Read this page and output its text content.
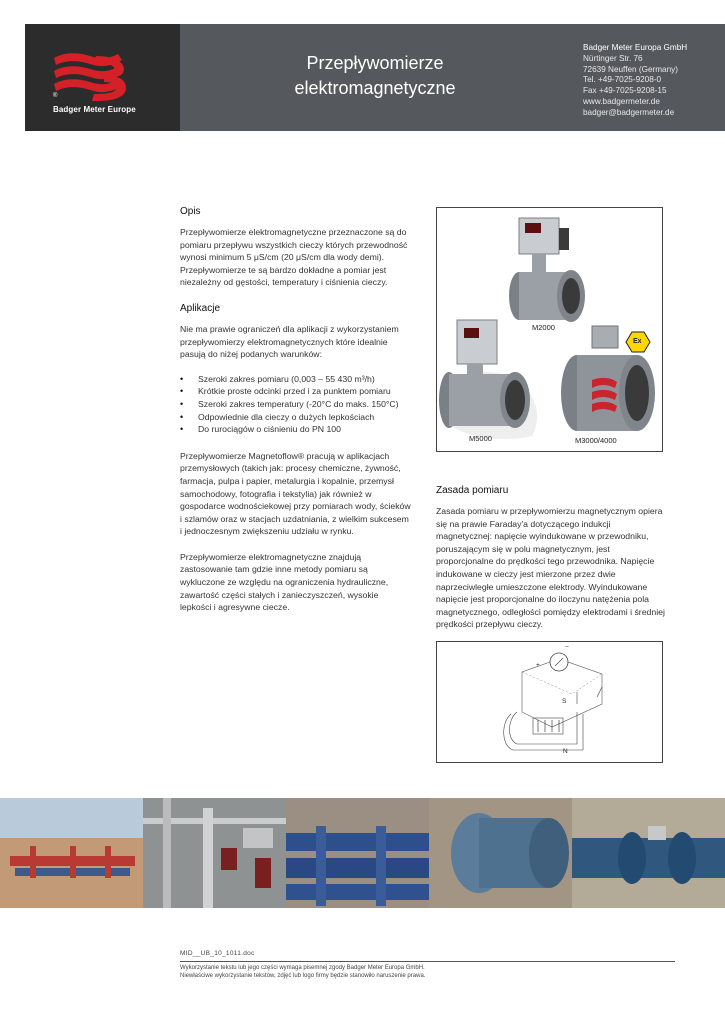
®
Badger Meter Europe
Przepływomierze
elektromagnetyczne
Badger Meter Europa GmbH
Nürtinger Str. 76
72639 Neuffen (Germany)
Tel. +49-7025-9208-0
Fax +49-7025-9208-15
www.badgermeter.de
badger@badgermeter.de
Opis

Przepływomierze elektromagnetyczne przeznaczone są do pomiaru przepływu wszystkich cieczy których przewodność wynosi minimum 5 μS/cm (20 μS/cm dla wody demi). Przepływomierze te są bardzo dokładne a pomiar jest niezależny od gęstości, temperatury i ciśnienia cieczy.

Aplikacje

Nie ma prawie ograniczeń dla aplikacji z wykorzystaniem przepływomierzy elektromagnetycznych które idealnie pasują do niżej podanych warunków:

• Szeroki zakres pomiaru (0,003 – 55 430 m³/h)
• Krótkie proste odcinki przed i za punktem pomiaru
• Szeroki zakres temperatury (-20°C do maks. 150°C)
• Odpowiednie dla cieczy o dużych lepkościach
• Do rurociągów o ciśnieniu do PN 100

Przepływomierze Magnetoflow® pracują w aplikacjach przemysłowych (takich jak: procesy chemiczne, żywność, farmacja, pulpa i papier, metalurgia i kopalnie, przemysł samochodowy, fotografia i tekstylia) jak również w gospodarce wodnościekowej przy pomiarach wody, ścieków i szlamów oraz w stacjach uzdatniania, z wielkim sukcesem i jednoczesnym zwiększeniu udziału w rynku.

Przepływomierze elektromagnetyczne znajdują zastosowanie tam gdzie inne metody pomiaru są wykluczone ze względu na ograniczenia hydrauliczne, zawartość części stałych i zanieczyszczeń, wysokie lepkości i agresywne ciecze.

M2000
M5000	M3000/4000
Ex
Zasada pomiaru

Zasada pomiaru w przepływomierzu magnetycznym opiera się na prawie Faraday'a dotyczącego indukcji magnetycznej: napięcie wyindukowane w przewodniku, poruszającym się w polu magnetycznym, jest proporcjonalne do prędkości tego przewodnika. Napięcie indukowane w cieczy jest mierzone przez dwie naprzeciwległe umieszczone elektrody. Wyindukowane napięcie jest proporcjonalne do iloczynu natężenia pola magnetycznego, odległości pomiędzy elektrodami i średniej prędkości przepływu cieczy.

+
−
S
N
MID__UB_10_1011.doc
Wykorzystanie tekstu lub jego części wymaga pisemnej zgody Badger Meter Europa GmbH.
Niewłaściwe wykorzystanie tekstów, zdjęć lub logo firmy będzie stanowiło naruszenie prawa.
